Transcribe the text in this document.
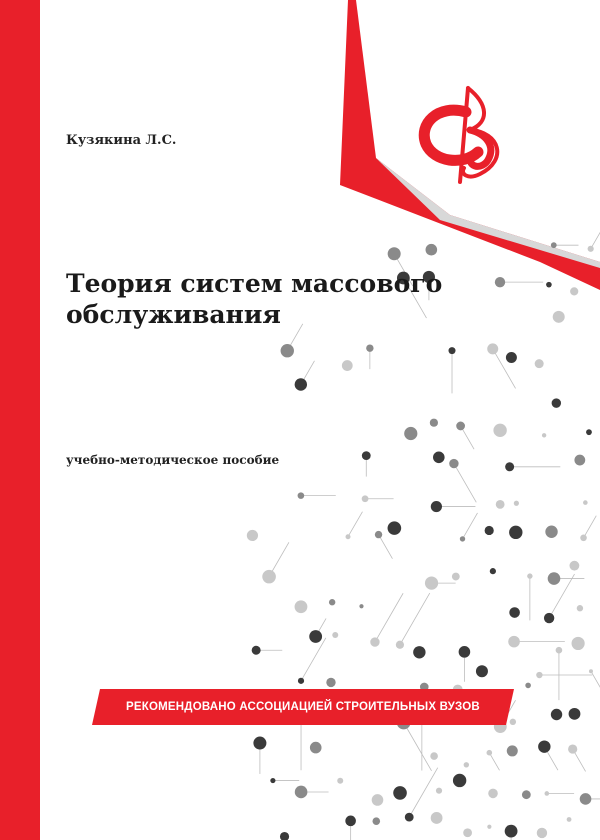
Кузякина Л.С.
Теория систем массового
обслуживания
учебно-методическое пособие
РЕКОМЕНДОВАНО АССОЦИАЦИЕЙ СТРОИТЕЛЬНЫХ ВУЗОВ
